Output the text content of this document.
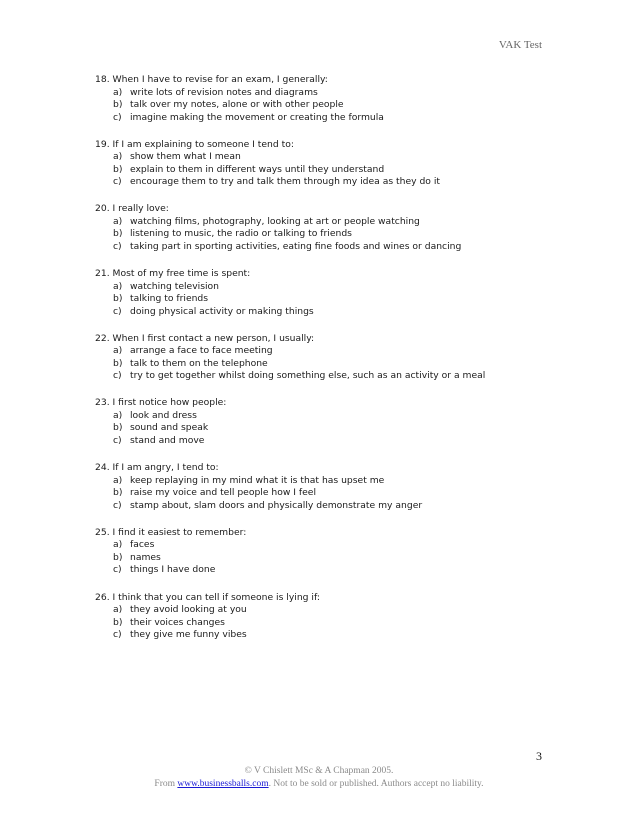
VAK Test
18. When I have to revise for an exam, I generally:
a) write lots of revision notes and diagrams
b) talk over my notes, alone or with other people
c) imagine making the movement or creating the formula
19. If I am explaining to someone I tend to:
a) show them what I mean
b) explain to them in different ways until they understand
c) encourage them to try and talk them through my idea as they do it
20. I really love:
a) watching films, photography, looking at art or people watching
b) listening to music, the radio or talking to friends
c) taking part in sporting activities, eating fine foods and wines or dancing
21. Most of my free time is spent:
a) watching television
b) talking to friends
c) doing physical activity or making things
22. When I first contact a new person, I usually:
a) arrange a face to face meeting
b) talk to them on the telephone
c) try to get together whilst doing something else, such as an activity or a meal
23. I first notice how people:
a) look and dress
b) sound and speak
c) stand and move
24. If I am angry, I tend to:
a) keep replaying in my mind what it is that has upset me
b) raise my voice and tell people how I feel
c) stamp about, slam doors and physically demonstrate my anger
25. I find it easiest to remember:
a) faces
b) names
c) things I have done
26. I think that you can tell if someone is lying if:
a) they avoid looking at you
b) their voices changes
c) they give me funny vibes
3
© V Chislett MSc & A Chapman 2005.
From www.businessballs.com. Not to be sold or published. Authors accept no liability.
